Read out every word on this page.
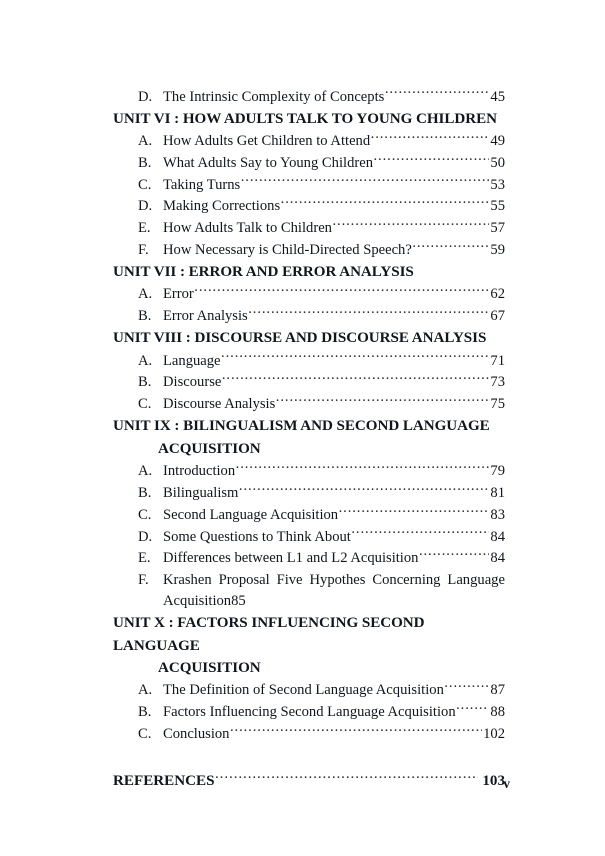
D. The Intrinsic Complexity of Concepts .....	45
UNIT VI : HOW ADULTS TALK TO YOUNG CHILDREN
A. How Adults Get Children to Attend .....	49
B. What Adults Say to Young Children .....	50
C. Taking Turns .....	53
D. Making Corrections .....	55
E. How Adults Talk to Children .....	57
F. How Necessary is Child-Directed Speech? .....	59
UNIT VII : ERROR AND ERROR ANALYSIS
A. Error .....	62
B. Error Analysis .....	67
UNIT VIII : DISCOURSE AND DISCOURSE ANALYSIS
A. Language .....	71
B. Discourse .....	73
C. Discourse Analysis .....	75
UNIT IX : BILINGUALISM AND SECOND LANGUAGE
ACQUISITION
A. Introduction .....	79
B. Bilingualism .....	81
C. Second Language Acquisition .....	83
D. Some Questions to Think About .....	84
E. Differences between L1 and L2 Acquisition .....	84
F. Krashen Proposal Five Hypothes Concerning Language
Acquisition 85
UNIT X : FACTORS INFLUENCING SECOND LANGUAGE
ACQUISITION
A. The Definition of Second Language Acquisition .....	87
B. Factors Influencing Second Language Acquisition ..... 88
C. Conclusion .....	102
REFERENCES .....	103
v
